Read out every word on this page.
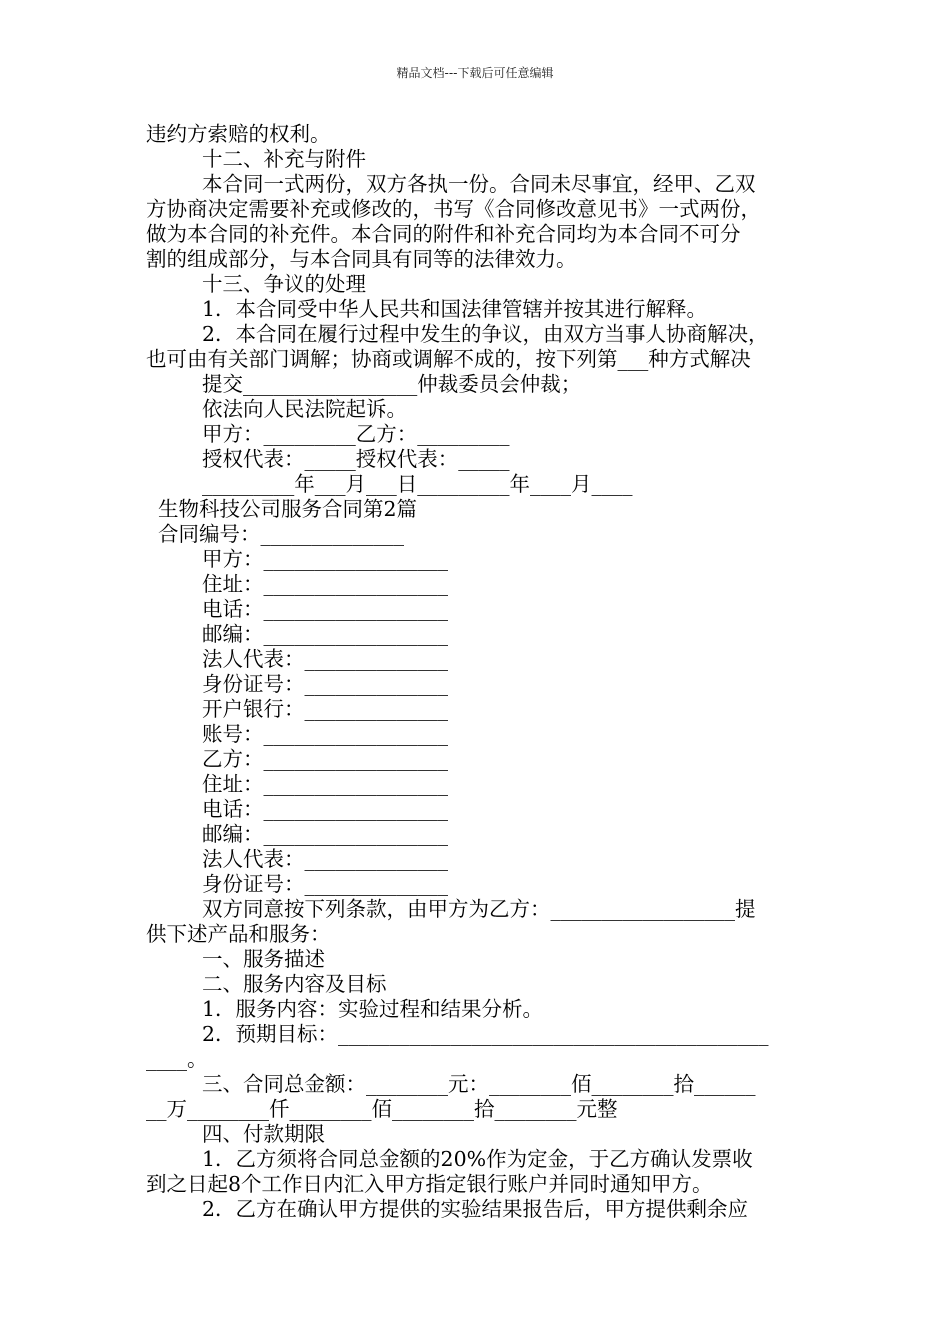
精品文档---下载后可任意编辑
违约方索赔的权利。
十二、补充与附件
本合同一式两份，双方各执一份。合同未尽事宜，经甲、乙双
方协商决定需要补充或修改的，书写《合同修改意见书》一式两份，
做为本合同的补充件。本合同的附件和补充合同均为本合同不可分
割的组成部分，与本合同具有同等的法律效力。
十三、争议的处理
1．本合同受中华人民共和国法律管辖并按其进行解释。
2．本合同在履行过程中发生的争议，由双方当事人协商解决，
也可由有关部门调解；协商或调解不成的，按下列第___种方式解决
提交_________________仲裁委员会仲裁；
依法向人民法院起诉。
甲方：_________乙方：_________
授权代表：_____授权代表：_____
_________年___月___日_________年____月____
生物科技公司服务合同第2篇
合同编号：______________
甲方：__________________
住址：__________________
电话：__________________
邮编：__________________
法人代表：______________
身份证号：______________
开户银行：______________
账号：__________________
乙方：__________________
住址：__________________
电话：__________________
邮编：__________________
法人代表：______________
身份证号：______________
双方同意按下列条款，由甲方为乙方：__________________提
供下述产品和服务：
一、服务描述
二、服务内容及目标
1．服务内容：实验过程和结果分析。
2．预期目标：__________________________________________
____。
三、合同总金额：________元：________佰________拾______
__万________仟________佰________拾________元整
四、付款期限
1．乙方须将合同总金额的20%作为定金，于乙方确认发票收
到之日起8个工作日内汇入甲方指定银行账户并同时通知甲方。
2．乙方在确认甲方提供的实验结果报告后，甲方提供剩余应
